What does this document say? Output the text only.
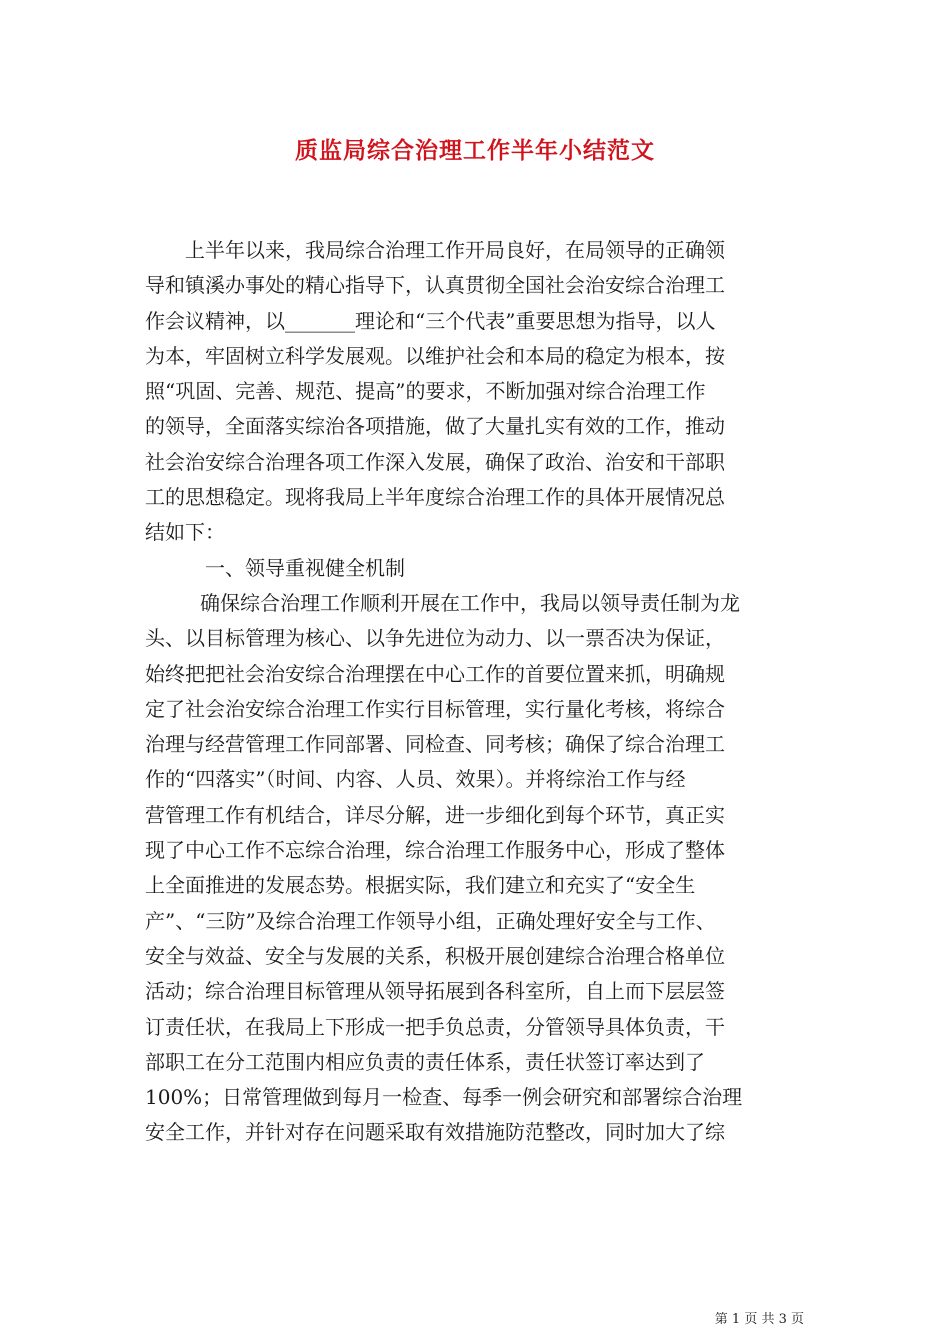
质监局综合治理工作半年小结范文
上半年以来，我局综合治理工作开局良好，在局领导的正确领
导和镇溪办事处的精心指导下，认真贯彻全国社会治安综合治理工
作会议精神，以_______理论和“三个代表”重要思想为指导，以人
为本，牢固树立科学发展观。以维护社会和本局的稳定为根本，按
照“巩固、完善、规范、提高”的要求，不断加强对综合治理工作
的领导，全面落实综治各项措施，做了大量扎实有效的工作，推动
社会治安综合治理各项工作深入发展，确保了政治、治安和干部职
工的思想稳定。现将我局上半年度综合治理工作的具体开展情况总
结如下：
一、领导重视健全机制
确保综合治理工作顺利开展在工作中，我局以领导责任制为龙
头、以目标管理为核心、以争先进位为动力、以一票否决为保证，
始终把把社会治安综合治理摆在中心工作的首要位置来抓，明确规
定了社会治安综合治理工作实行目标管理，实行量化考核，将综合
治理与经营管理工作同部署、同检查、同考核；确保了综合治理工
作的“四落实”（时间、内容、人员、效果）。并将综治工作与经
营管理工作有机结合，详尽分解，进一步细化到每个环节，真正实
现了中心工作不忘综合治理，综合治理工作服务中心，形成了整体
上全面推进的发展态势。根据实际，我们建立和充实了“安全生
产”、“三防”及综合治理工作领导小组，正确处理好安全与工作、
安全与效益、安全与发展的关系，积极开展创建综合治理合格单位
活动；综合治理目标管理从领导拓展到各科室所，自上而下层层签
订责任状，在我局上下形成一把手负总责，分管领导具体负责，干
部职工在分工范围内相应负责的责任体系，责任状签订率达到了
100%；日常管理做到每月一检查、每季一例会研究和部署综合治理
安全工作，并针对存在问题采取有效措施防范整改，同时加大了综
第 1 页 共 3 页
